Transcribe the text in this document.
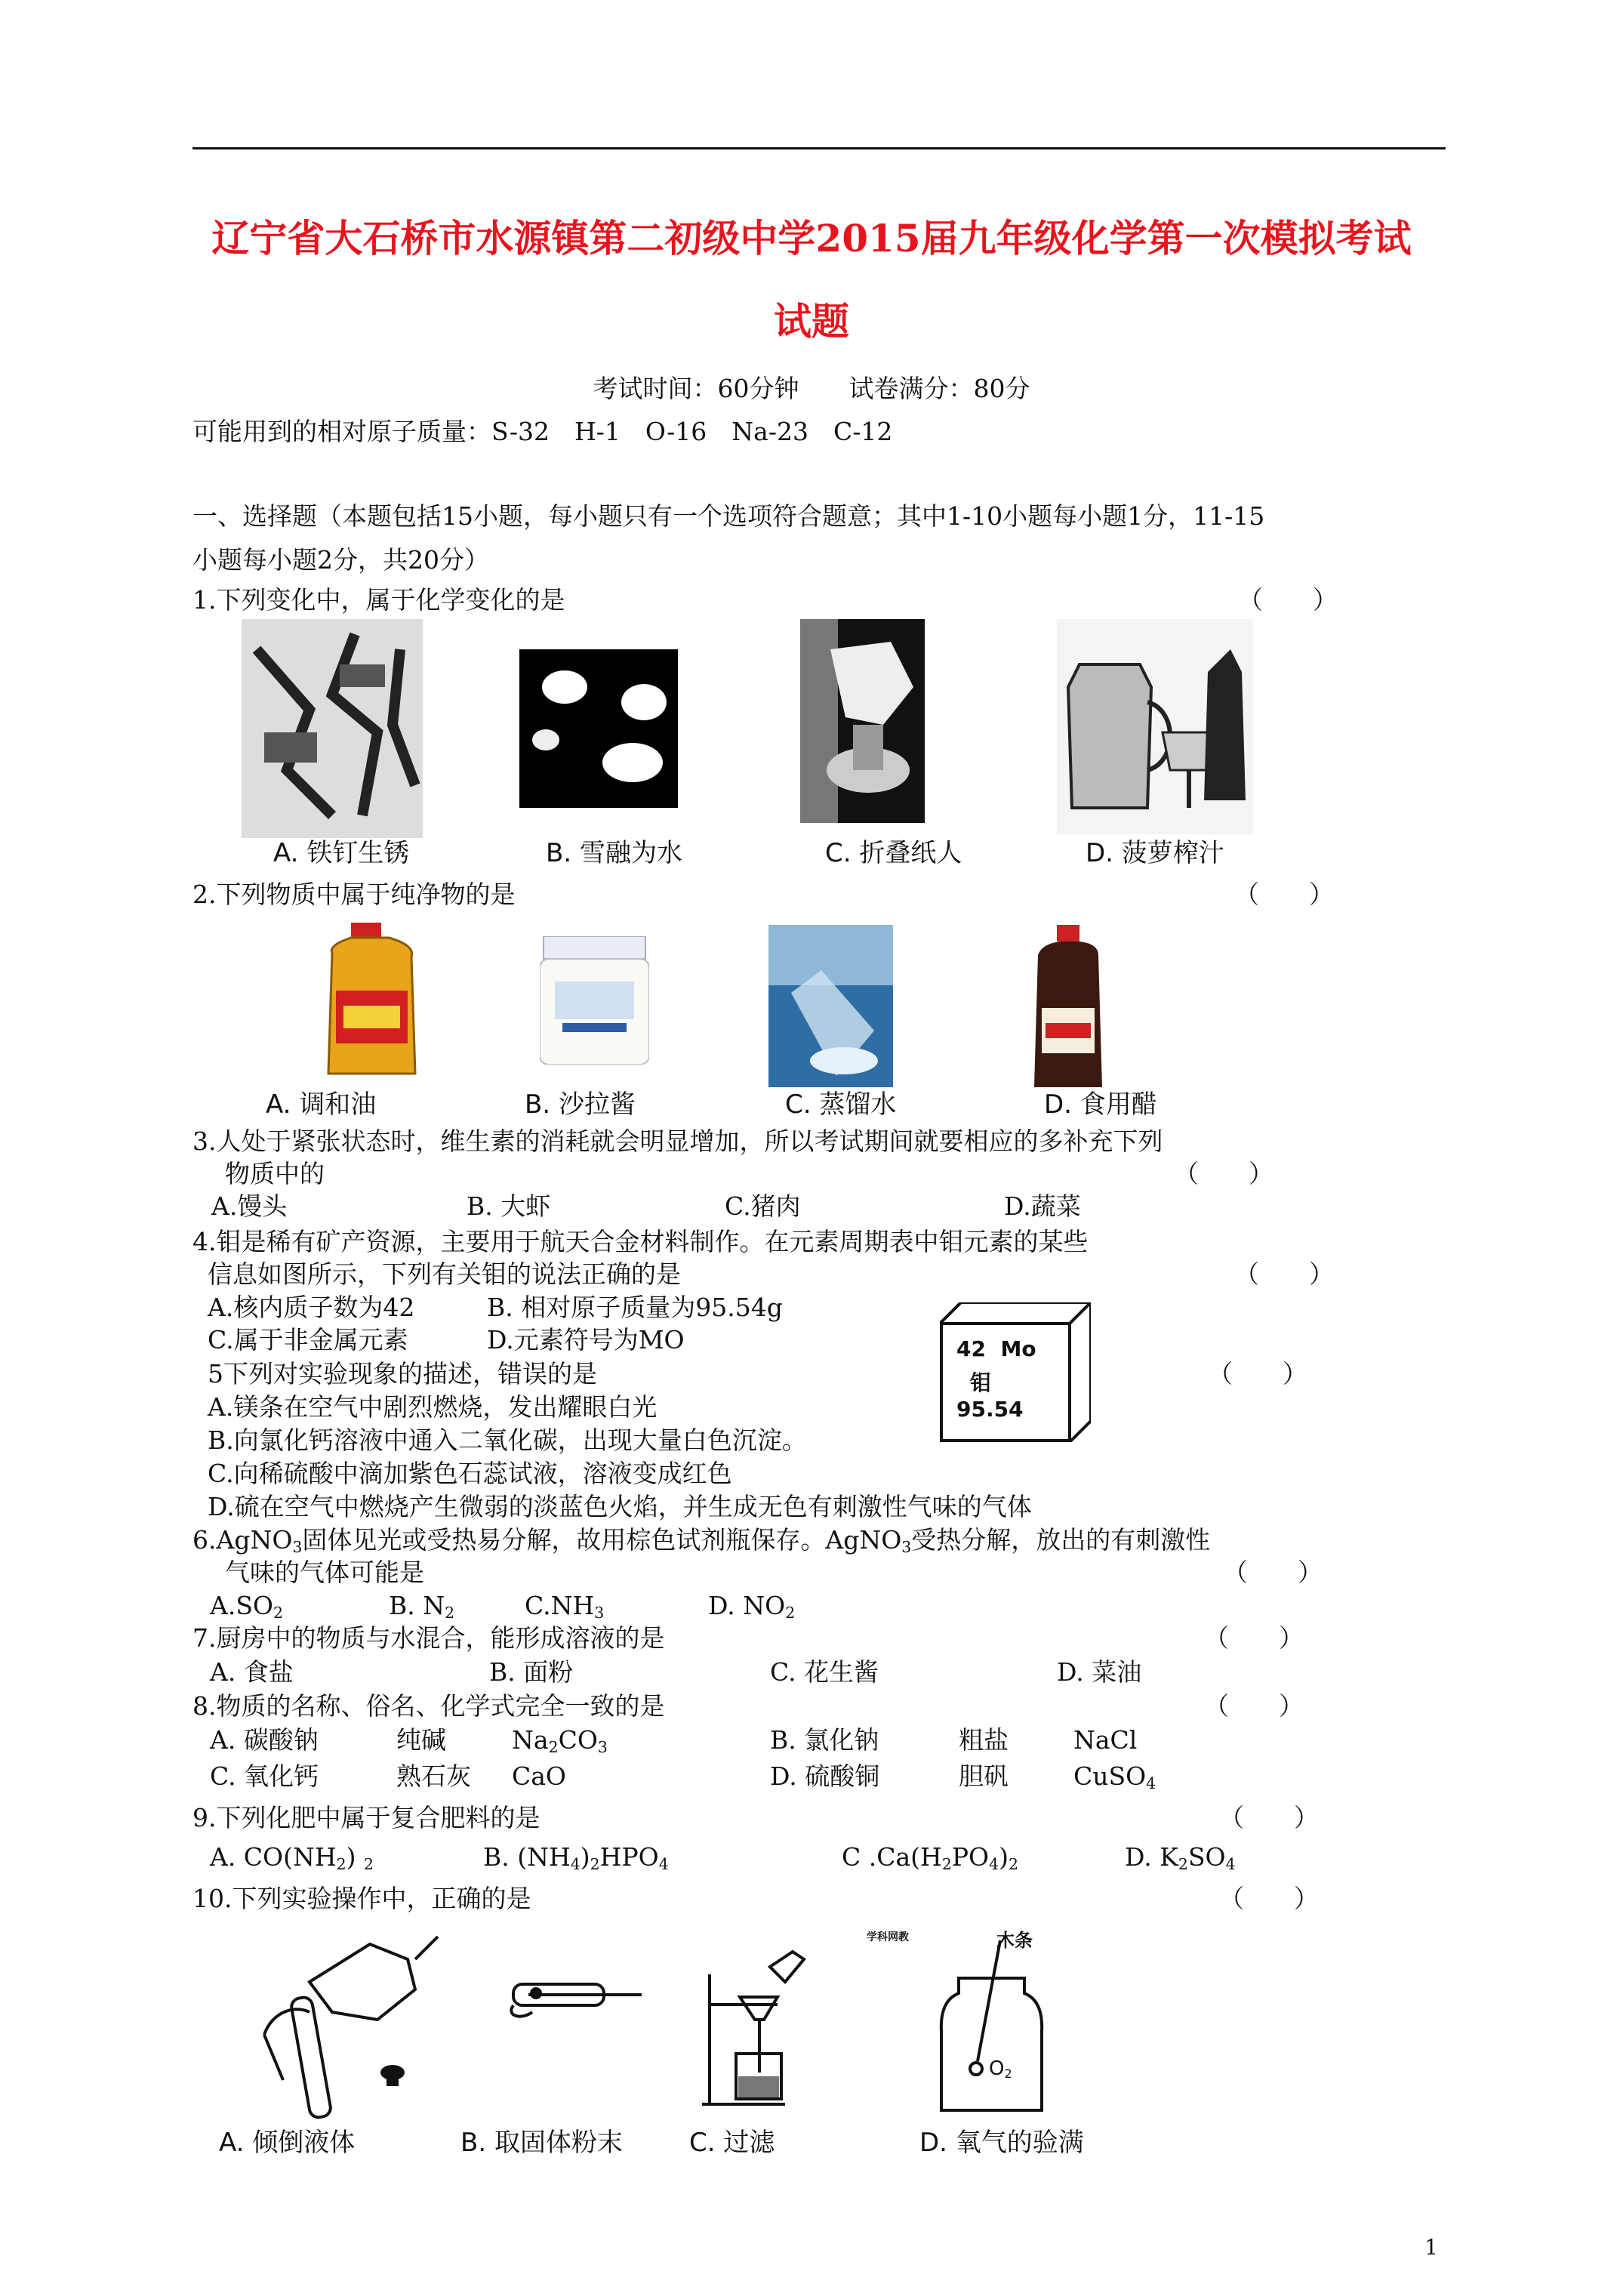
辽宁省大石桥市水源镇第二初级中学2015届九年级化学第一次模拟考试
试题
考试时间：60分钟　　试卷满分：80分
可能用到的相对原子质量：S-32　H-1　O-16　Na-23　C-12
一、选择题（本题包括15小题，每小题只有一个选项符合题意；其中1-10小题每小题1分，11-15
小题每小题2分，共20分）
1.下列变化中，属于化学变化的是	（　　）
A. 铁钉生锈	B. 雪融为水	C. 折叠纸人	D. 菠萝榨汁
2.下列物质中属于纯净物的是	（　　）
A. 调和油	B. 沙拉酱	C. 蒸馏水	D. 食用醋
3.人处于紧张状态时，维生素的消耗就会明显增加，所以考试期间就要相应的多补充下列
物质中的	（　　）
A.馒头	B. 大虾	C.猪肉	D.蔬菜
4.钼是稀有矿产资源，主要用于航天合金材料制作。在元素周期表中钼元素的某些
信息如图所示，下列有关钼的说法正确的是	（　　）
A.核内质子数为42	B. 相对原子质量为95.54g
C.属于非金属元素	D.元素符号为MO	42 Mo
钼
95.54
5下列对实验现象的描述，错误的是	（　　）
A.镁条在空气中剧烈燃烧，发出耀眼白光
B.向氯化钙溶液中通入二氧化碳，出现大量白色沉淀。
C.向稀硫酸中滴加紫色石蕊试液，溶液变成红色
D.硫在空气中燃烧产生微弱的淡蓝色火焰，并生成无色有刺激性气味的气体
6.AgNO$_3$固体见光或受热易分解，故用棕色试剂瓶保存。AgNO$_3$受热分解，放出的有刺激性
气味的气体可能是	（　　）
$A.SO_2$	B. $N_2$	$C.NH_3$	D. $NO_2$
7.厨房中的物质与水混合，能形成溶液的是	（　　）
A. 食盐	B. 面粉	C. 花生酱	D. 菜油
8.物质的名称、俗名、化学式完全一致的是	（　　）
A. 碳酸钠	纯碱	$Na_2CO_3$	B. 氯化钠	粗盐	NaCl
C. 氧化钙	熟石灰 CaO	D. 硫酸铜	胆矾	CuSO$_4$
9.下列化肥中属于复合肥料的是	（　　）
A. $CO(NH_2)$ $_2$	B. $(NH_4)_2HPO_4$	C $.Ca(H_2PO_4)_2$	D. $K_2SO_4$
10.下列实验操作中，正确的是	（　　）
学科网教	木条
$O_2$
A. 倾倒液体	B. 取固体粉末	C. 过滤	D. 氧气的验满
1
